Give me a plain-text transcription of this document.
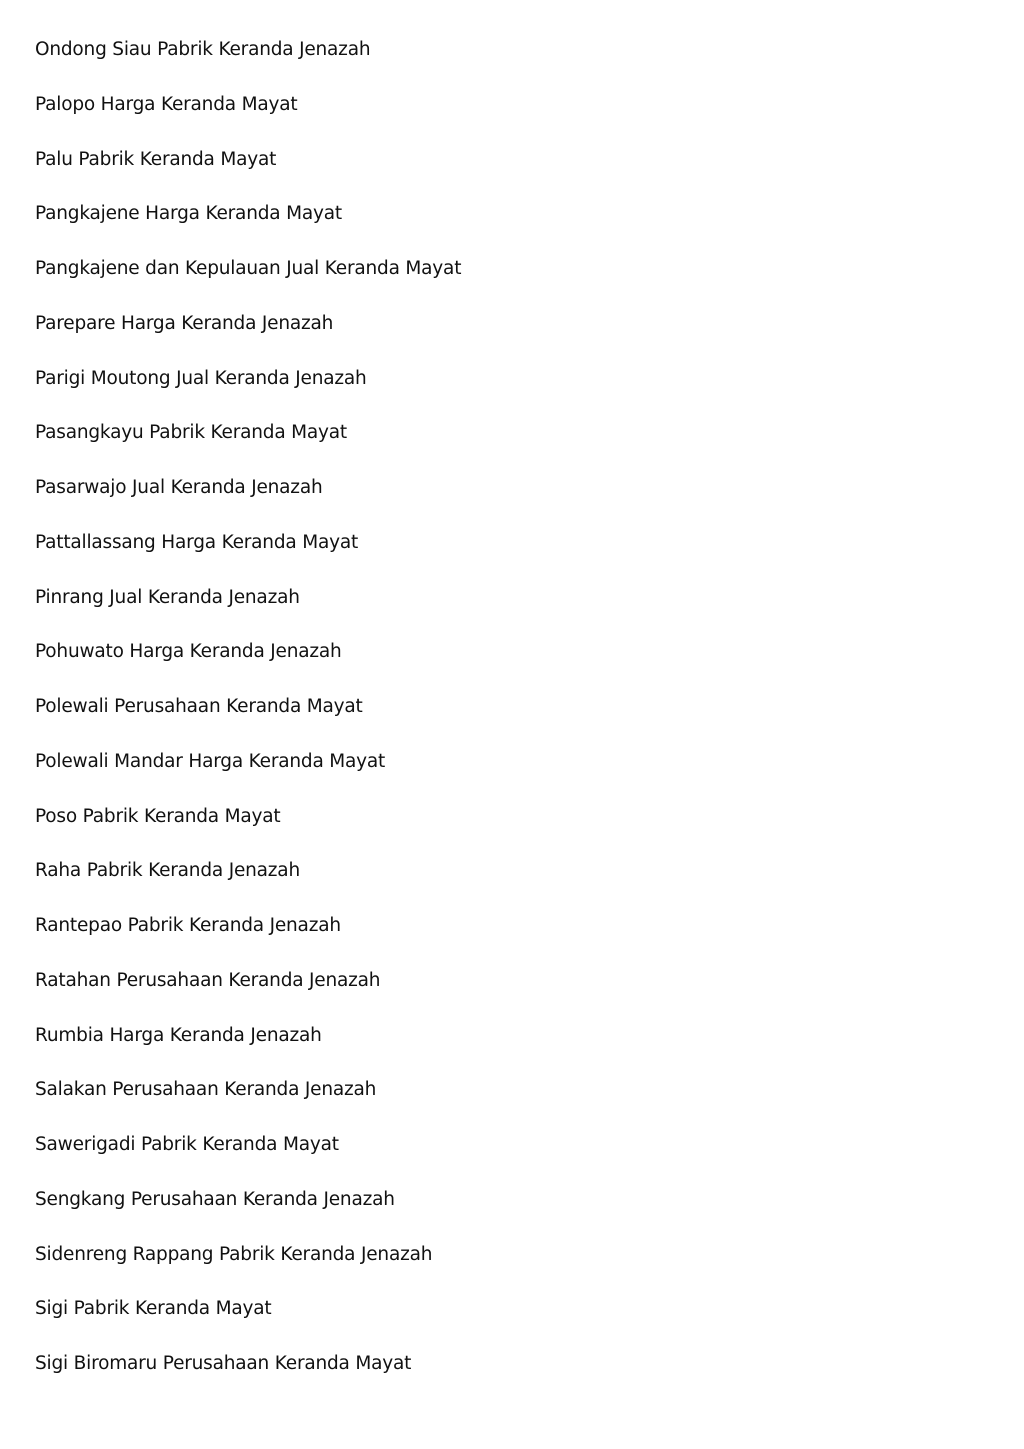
Ondong Siau Pabrik Keranda Jenazah
Palopo Harga Keranda Mayat
Palu Pabrik Keranda Mayat
Pangkajene Harga Keranda Mayat
Pangkajene dan Kepulauan Jual Keranda Mayat
Parepare Harga Keranda Jenazah
Parigi Moutong Jual Keranda Jenazah
Pasangkayu Pabrik Keranda Mayat
Pasarwajo Jual Keranda Jenazah
Pattallassang Harga Keranda Mayat
Pinrang Jual Keranda Jenazah
Pohuwato Harga Keranda Jenazah
Polewali Perusahaan Keranda Mayat
Polewali Mandar Harga Keranda Mayat
Poso Pabrik Keranda Mayat
Raha Pabrik Keranda Jenazah
Rantepao Pabrik Keranda Jenazah
Ratahan Perusahaan Keranda Jenazah
Rumbia Harga Keranda Jenazah
Salakan Perusahaan Keranda Jenazah
Sawerigadi Pabrik Keranda Mayat
Sengkang Perusahaan Keranda Jenazah
Sidenreng Rappang Pabrik Keranda Jenazah
Sigi Pabrik Keranda Mayat
Sigi Biromaru Perusahaan Keranda Mayat
